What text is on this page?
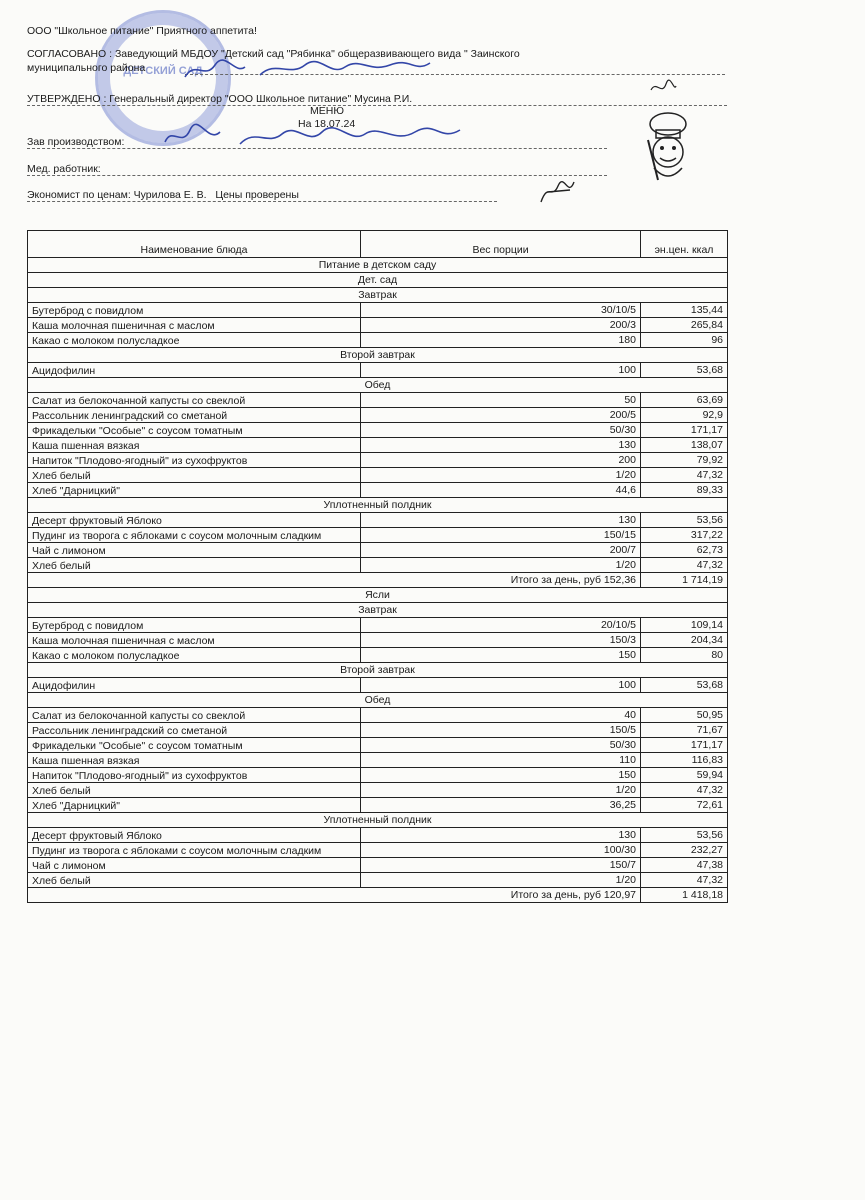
ДЕТСКИЙ САД
ООО "Школьное питание" Приятного аппетита!
СОГЛАСОВАНО : Заведующий МБДОУ "Детский сад "Рябинка" общеразвивающего вида " Заинского
муниципального района
УТВЕРЖДЕНО : Генеральный директор "ООО Школьное питание" Мусина Р.И.
МЕНЮ
На 18.07.24
Зав производством:
Мед. работник:
Экономист по ценам: Чурилова Е. В. Цены проверены
Наименование блюда	Вес порции	эн.цен. ккал
Питание в детском саду		
Дет. сад		
Завтрак		
Бутерброд с повидлом	30/10/5	135,44
Каша молочная пшеничная с маслом	200/3	265,84
Какао с молоком полусладкое	180	96
Второй завтрак		
Ацидофилин	100	53,68
Обед		
Салат из белокочанной капусты со свеклой	50	63,69
Рассольник ленинградский со сметаной	200/5	92,9
Фрикадельки "Особые" с соусом томатным	50/30	171,17
Каша пшенная вязкая	130	138,07
Напиток "Плодово-ягодный" из сухофруктов	200	79,92
Хлеб белый	1/20	47,32
Хлеб "Дарницкий"	44,6	89,33
Уплотненный полдник		
Десерт фруктовый Яблоко	130	53,56
Пудинг из творога с яблоками с соусом молочным сладким	150/15	317,22
Чай с лимоном	200/7	62,73
Хлеб белый	1/20	47,32
Итого за день, руб 152,36		1 714,19
Ясли		
Завтрак		
Бутерброд с повидлом	20/10/5	109,14
Каша молочная пшеничная с маслом	150/3	204,34
Какао с молоком полусладкое	150	80
Второй завтрак		
Ацидофилин	100	53,68
Обед		
Салат из белокочанной капусты со свеклой	40	50,95
Рассольник ленинградский со сметаной	150/5	71,67
Фрикадельки "Особые" с соусом томатным	50/30	171,17
Каша пшенная вязкая	110	116,83
Напиток "Плодово-ягодный" из сухофруктов	150	59,94
Хлеб белый	1/20	47,32
Хлеб "Дарницкий"	36,25	72,61
Уплотненный полдник		
Десерт фруктовый Яблоко	130	53,56
Пудинг из творога с яблоками с соусом молочным сладким	100/30	232,27
Чай с лимоном	150/7	47,38
Хлеб белый	1/20	47,32
Итого за день, руб 120,97		1 418,18
